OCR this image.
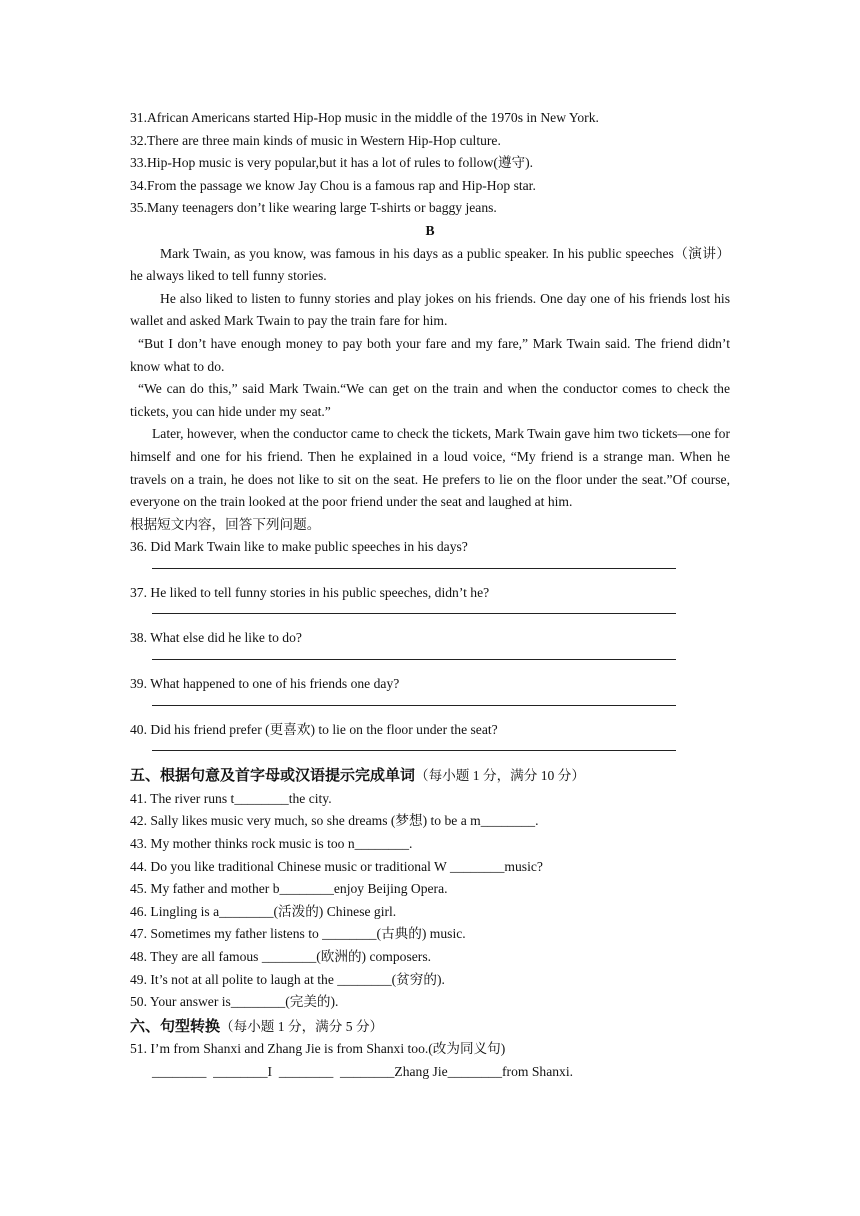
31.African Americans started Hip-Hop music in the middle of the 1970s in New York.
32.There are three main kinds of music in Western Hip-Hop culture.
33.Hip-Hop music is very popular,but it has a lot of rules to follow(遵守).
34.From the passage we know Jay Chou is a famous rap and Hip-Hop star.
35.Many teenagers don’t like wearing large T-shirts or baggy jeans.
B
Mark Twain, as you know, was famous in his days as a public speaker. In his public speeches（演讲）he always liked to tell funny stories.
He also liked to listen to funny stories and play jokes on his friends. One day one of his friends lost his wallet and asked Mark Twain to pay the train fare for him.
“But I don’t have enough money to pay both your fare and my fare,” Mark Twain said. The friend didn’t know what to do.
“We can do this,” said Mark Twain.“We can get on the train and when the conductor comes to check the tickets, you can hide under my seat.”
Later, however, when the conductor came to check the tickets, Mark Twain gave him two tickets—one for himself and one for his friend. Then he explained in a loud voice, “My friend is a strange man. When he travels on a train, he does not like to sit on the seat. He prefers to lie on the floor under the seat.”Of course, everyone on the train looked at the poor friend under the seat and laughed at him.
根据短文内容，回答下列问题。
36. Did Mark Twain like to make public speeches in his days?
37. He liked to tell funny stories in his public speeches, didn’t he?
38. What else did he like to do?
39. What happened to one of his friends one day?
40. Did his friend prefer (更喜欢) to lie on the floor under the seat?
五、根据句意及首字母或汉语提示完成单词（每小题 1 分，满分 10 分）
41. The river runs t________the city.
42. Sally likes music very much, so she dreams (梦想) to be a m________.
43. My mother thinks rock music is too n________.
44. Do you like traditional Chinese music or traditional W ________music?
45. My father and mother b________enjoy Beijing Opera.
46. Lingling is a________(活泼的) Chinese girl.
47. Sometimes my father listens to ________(古典的) music.
48. They are all famous ________(欧洲的) composers.
49. It’s not at all polite to laugh at the ________(贫穷的).
50. Your answer is________(完美的).
六、句型转换（每小题 1 分，满分 5 分）
51. I’m from Shanxi and Zhang Jie is from Shanxi too.(改为同义句)
________  ________I  ________  ________Zhang Jie________from Shanxi.
